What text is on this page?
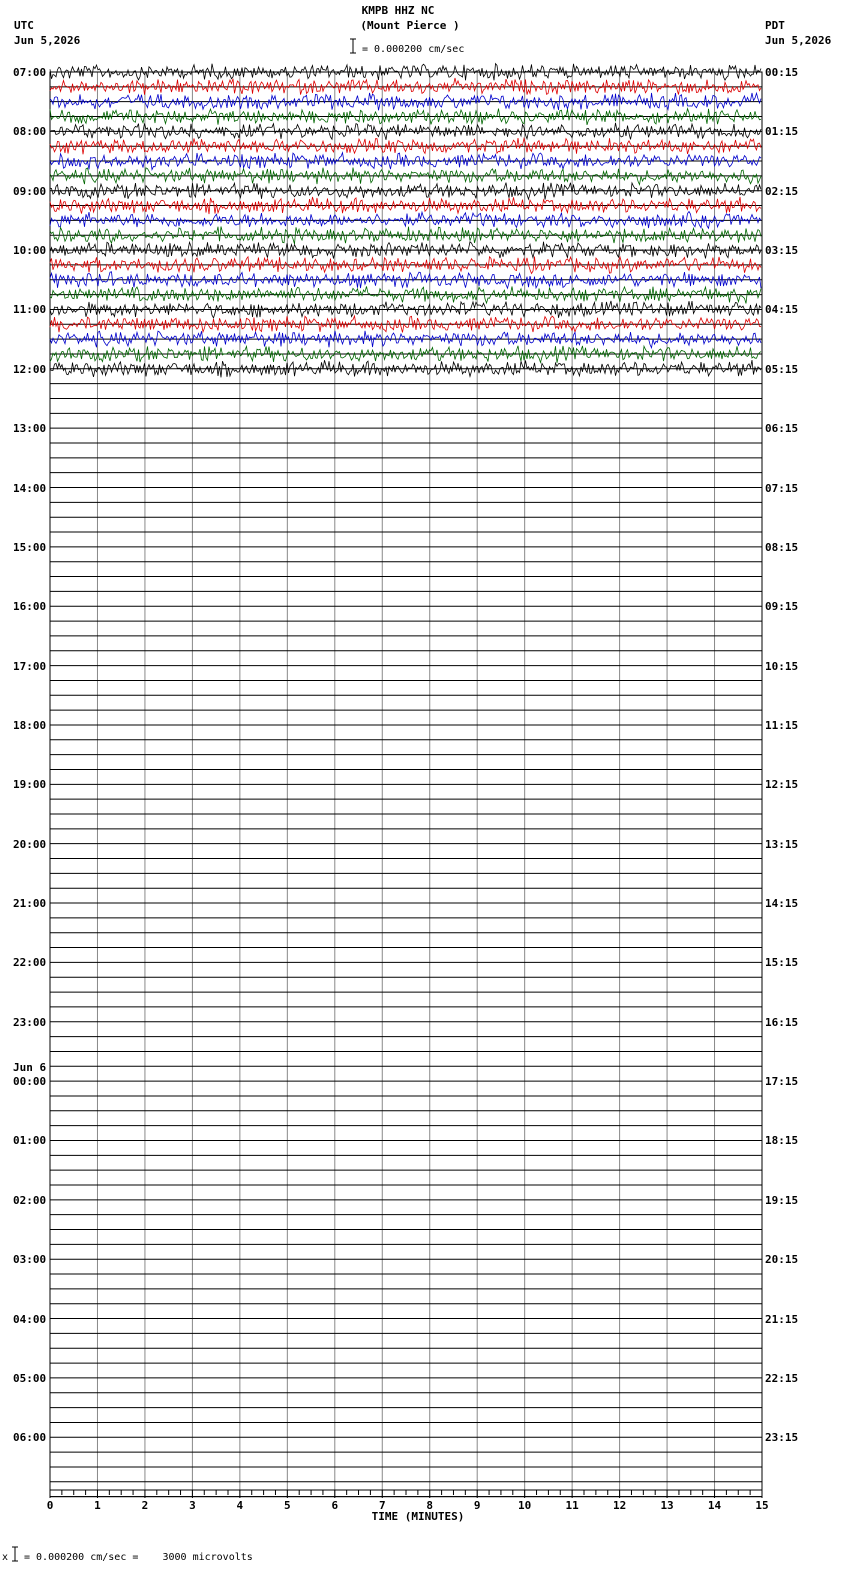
KMPB HHZ NC
(Mount Pierce )
UTC
Jun 5,2026
PDT
Jun 5,2026
= 0.000200 cm/sec
07:00
08:00
09:00
10:00
11:00
12:00
13:00
14:00
15:00
16:00
17:00
18:00
19:00
20:00
21:00
22:00
23:00
00:00
Jun 6
01:00
02:00
03:00
04:00
05:00
06:00
00:15
01:15
02:15
03:15
04:15
05:15
06:15
07:15
08:15
09:15
10:15
11:15
12:15
13:15
14:15
15:15
16:15
17:15
18:15
19:15
20:15
21:15
22:15
23:15
0	1	2	3	4	5	6	7	8	9	10	11	12	13	14	15
TIME (MINUTES)
x = 0.000200 cm/sec =    3000 microvolts
